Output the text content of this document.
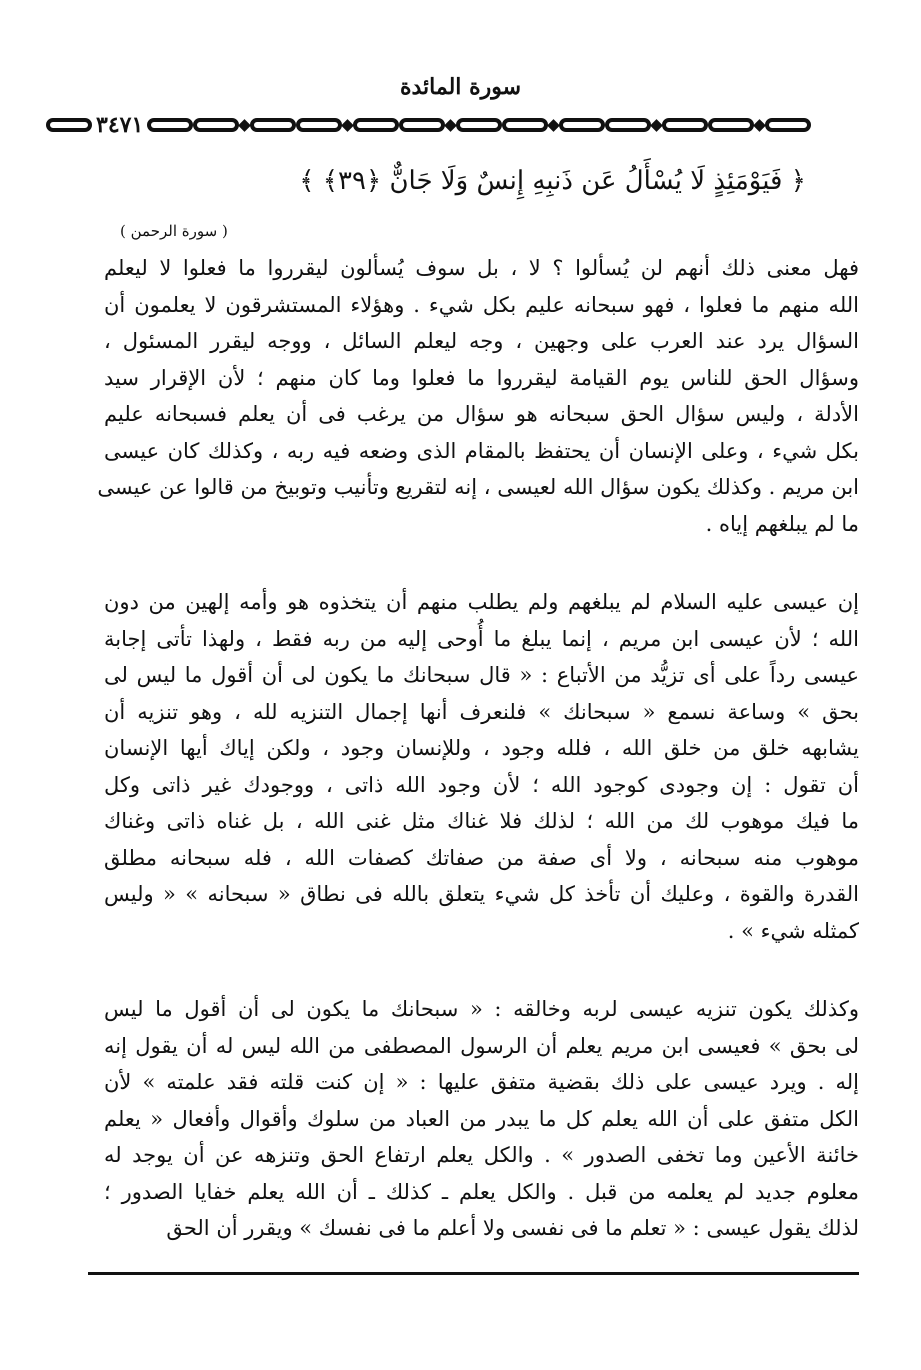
سورة المائدة
٣٤٧١
﴿ فَيَوْمَئِذٍ لَا يُسْأَلُ عَن ذَنبِهِ إِنسٌ وَلَا جَانٌّ ﴿٣٩﴾ ﴾
( سورة الرحمن )
فهل معنى ذلك أنهم لن يُسألوا ؟ لا ، بل سوف يُسألون ليقرروا ما فعلوا لا ليعلم
الله منهم ما فعلوا ، فهو سبحانه عليم بكل شيء . وهؤلاء المستشرقون لا يعلمون أن
السؤال يرد عند العرب على وجهين ، وجه ليعلم السائل ، ووجه ليقرر المسئول ،
وسؤال الحق للناس يوم القيامة ليقرروا ما فعلوا وما كان منهم ؛ لأن الإقرار سيد
الأدلة ، وليس سؤال الحق سبحانه هو سؤال من يرغب فى أن يعلم فسبحانه عليم
بكل شيء ، وعلى الإنسان أن يحتفظ بالمقام الذى وضعه فيه ربه ، وكذلك كان عيسى
ابن مريم . وكذلك يكون سؤال الله لعيسى ، إنه لتقريع وتأنيب وتوبيخ من قالوا عن عيسى
ما لم يبلغهم إياه .
إن عيسى عليه السلام لم يبلغهم ولم يطلب منهم أن يتخذوه هو وأمه إلهين من دون
الله ؛ لأن عيسى ابن مريم ، إنما يبلغ ما أُوحى إليه من ربه فقط ، ولهذا تأتى إجابة
عيسى رداً على أى تزيُّد من الأتباع : « قال سبحانك ما يكون لى أن أقول ما ليس لى
بحق » وساعة نسمع « سبحانك » فلنعرف أنها إجمال التنزيه لله ، وهو تنزيه أن
يشابهه خلق من خلق الله ، فلله وجود ، وللإنسان وجود ، ولكن إياك أيها الإنسان
أن تقول : إن وجودى كوجود الله ؛ لأن وجود الله ذاتى ، ووجودك غير ذاتى وكل
ما فيك موهوب لك من الله ؛ لذلك فلا غناك مثل غنى الله ، بل غناه ذاتى وغناك
موهوب منه سبحانه ، ولا أى صفة من صفاتك كصفات الله ، فله سبحانه مطلق
القدرة والقوة ، وعليك أن تأخذ كل شيء يتعلق بالله فى نطاق « سبحانه » « وليس
كمثله شيء » .
وكذلك يكون تنزيه عيسى لربه وخالقه : « سبحانك ما يكون لى أن أقول ما ليس
لى بحق » فعيسى ابن مريم يعلم أن الرسول المصطفى من الله ليس له أن يقول إنه
إله . ويرد عيسى على ذلك بقضية متفق عليها : « إن كنت قلته فقد علمته » لأن
الكل متفق على أن الله يعلم كل ما يبدر من العباد من سلوك وأقوال وأفعال « يعلم
خائنة الأعين وما تخفى الصدور » . والكل يعلم ارتفاع الحق وتنزهه عن أن يوجد له
معلوم جديد لم يعلمه من قبل . والكل يعلم ـ كذلك ـ أن الله يعلم خفايا الصدور ؛
لذلك يقول عيسى : « تعلم ما فى نفسى ولا أعلم ما فى نفسك » ويقرر أن الحق
